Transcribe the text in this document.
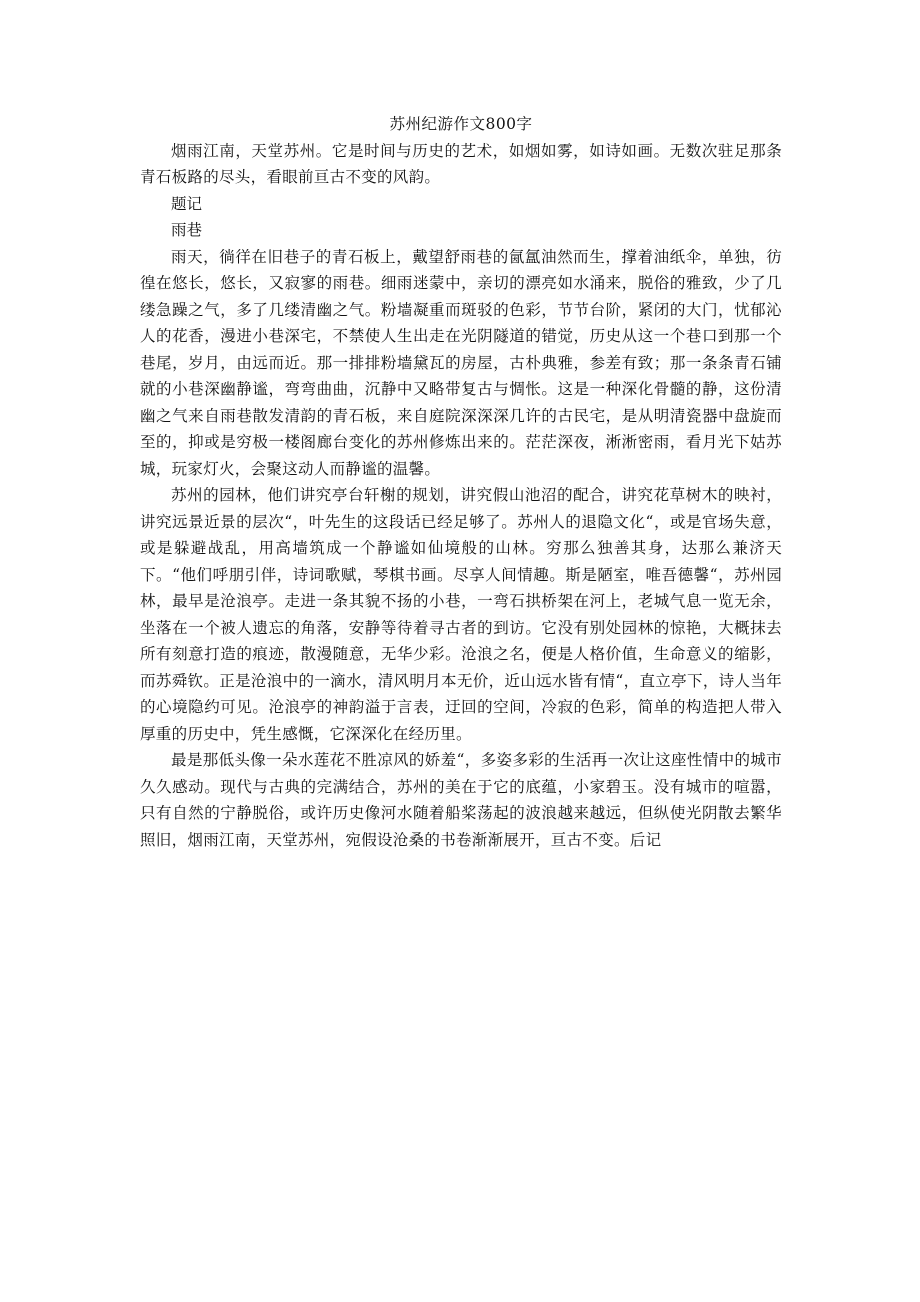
苏州纪游作文800字

烟雨江南，天堂苏州。它是时间与历史的艺术，如烟如雾，如诗如画。无数次驻足那条青石板路的尽头，看眼前亘古不变的风韵。

题记

雨巷

雨天，徜徉在旧巷子的青石板上，戴望舒雨巷的氤氲油然而生，撑着油纸伞，单独，彷徨在悠长，悠长，又寂寥的雨巷。细雨迷蒙中，亲切的漂亮如水涌来，脱俗的雅致，少了几缕急躁之气，多了几缕清幽之气。粉墙凝重而斑驳的色彩，节节台阶，紧闭的大门，忧郁沁人的花香，漫进小巷深宅，不禁使人生出走在光阴隧道的错觉，历史从这一个巷口到那一个巷尾，岁月，由远而近。那一排排粉墙黛瓦的房屋，古朴典雅，参差有致；那一条条青石铺就的小巷深幽静谧，弯弯曲曲，沉静中又略带复古与惆怅。这是一种深化骨髓的静，这份清幽之气来自雨巷散发清韵的青石板，来自庭院深深深几许的古民宅，是从明清瓷器中盘旋而至的，抑或是穷极一楼阁廊台变化的苏州修炼出来的。茫茫深夜，淅淅密雨，看月光下姑苏城，玩家灯火，会聚这动人而静谧的温馨。

苏州的园林，他们讲究亭台轩榭的规划，讲究假山池沼的配合，讲究花草树木的映衬，讲究远景近景的层次“，叶先生的这段话已经足够了。苏州人的退隐文化“，或是官场失意，或是躲避战乱，用高墙筑成一个静谧如仙境般的山林。穷那么独善其身，达那么兼济天下。“他们呼朋引伴，诗词歌赋，琴棋书画。尽享人间情趣。斯是陋室，唯吾德馨“，苏州园林，最早是沧浪亭。走进一条其貌不扬的小巷，一弯石拱桥架在河上，老城气息一览无余，坐落在一个被人遗忘的角落，安静等待着寻古者的到访。它没有别处园林的惊艳，大概抹去所有刻意打造的痕迹，散漫随意，无华少彩。沧浪之名，便是人格价值，生命意义的缩影，而苏舜钦。正是沧浪中的一滴水，清风明月本无价，近山远水皆有情“，直立亭下，诗人当年的心境隐约可见。沧浪亭的神韵溢于言表，迂回的空间，冷寂的色彩，简单的构造把人带入厚重的历史中，凭生感慨，它深深化在经历里。

最是那低头像一朵水莲花不胜凉风的娇羞“，多姿多彩的生活再一次让这座性情中的城市久久感动。现代与古典的完满结合，苏州的美在于它的底蕴，小家碧玉。没有城市的喧嚣，只有自然的宁静脱俗，或许历史像河水随着船桨荡起的波浪越来越远，但纵使光阴散去繁华照旧，烟雨江南，天堂苏州，宛假设沧桑的书卷渐渐展开，亘古不变。后记
